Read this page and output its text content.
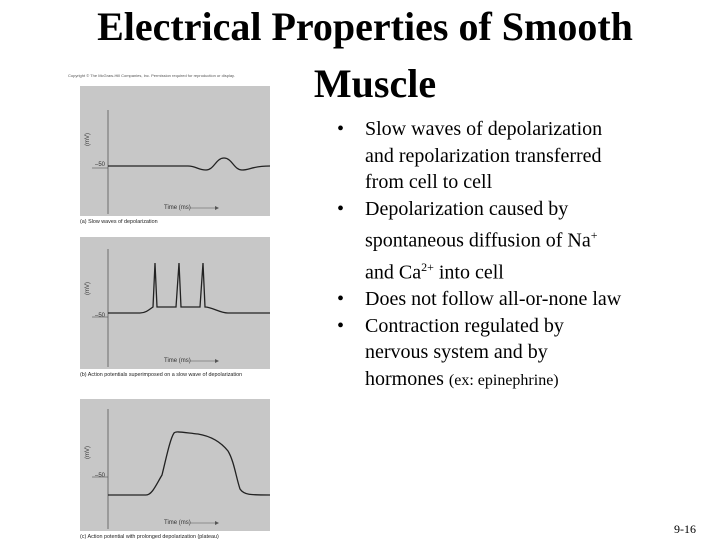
Electrical Properties of Smooth
Muscle
Copyright © The McGraw-Hill Companies, Inc. Permission required for reproduction or display.
(mV)
–50
Time (ms)
(a) Slow waves of depolarization
(mV)
–50
Time (ms)
(b) Action potentials superimposed on a slow wave of depolarization
(mV)
–50
Time (ms)
(c) Action potential with prolonged depolarization (plateau)
• Slow waves of depolarization and repolarization transferred from cell to cell
• Depolarization caused by spontaneous diffusion of Na+ and $Ca^{2+}$ into cell
• Does not follow all-or-none law
• Contraction regulated by nervous system and by hormones (ex: epinephrine)
9-16
